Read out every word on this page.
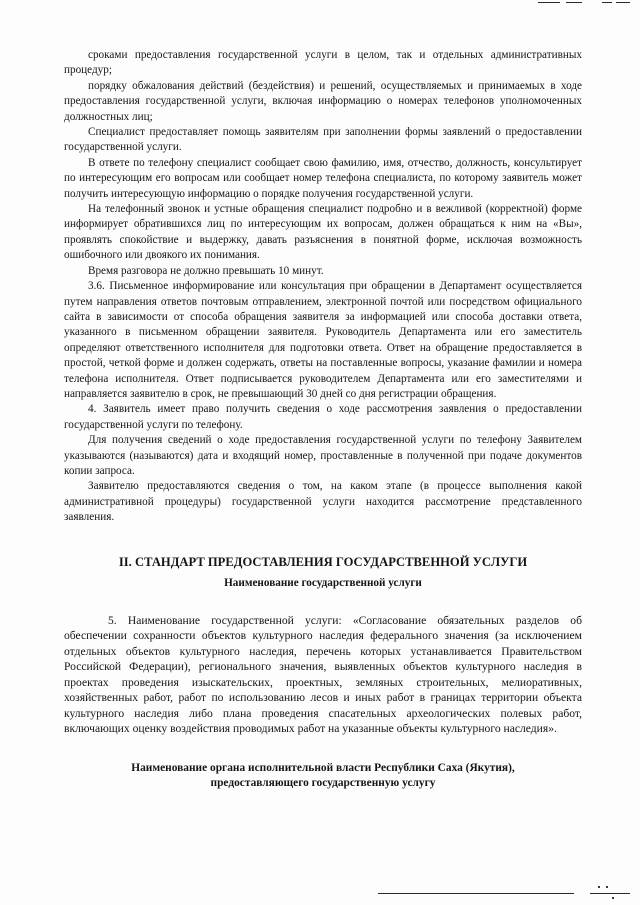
сроками предоставления государственной услуги в целом, так и отдельных административных процедур;

порядку обжалования действий (бездействия) и решений, осуществляемых и принимаемых в ходе предоставления государственной услуги, включая информацию о номерах телефонов уполномоченных должностных лиц;

Специалист предоставляет помощь заявителям при заполнении формы заявлений о предоставлении государственной услуги.

В ответе по телефону специалист сообщает свою фамилию, имя, отчество, должность, консультирует по интересующим его вопросам или сообщает номер телефона специалиста, по которому заявитель может получить интересующую информацию о порядке получения государственной услуги.

На телефонный звонок и устные обращения специалист подробно и в вежливой (корректной) форме информирует обратившихся лиц по интересующим их вопросам, должен обращаться к ним на «Вы», проявлять спокойствие и выдержку, давать разъяснения в понятной форме, исключая возможность ошибочного или двоякого их понимания.

Время разговора не должно превышать 10 минут.

3.6. Письменное информирование или консультация при обращении в Департамент осуществляется путем направления ответов почтовым отправлением, электронной почтой или посредством официального сайта в зависимости от способа обращения заявителя за информацией или способа доставки ответа, указанного в письменном обращении заявителя. Руководитель Департамента или его заместитель определяют ответственного исполнителя для подготовки ответа. Ответ на обращение предоставляется в простой, четкой форме и должен содержать, ответы на поставленные вопросы, указание фамилии и номера телефона исполнителя. Ответ подписывается руководителем Департамента или его заместителями и направляется заявителю в срок, не превышающий 30 дней со дня регистрации обращения.

4. Заявитель имеет право получить сведения о ходе рассмотрения заявления о предоставлении государственной услуги по телефону.

Для получения сведений о ходе предоставления государственной услуги по телефону Заявителем указываются (называются) дата и входящий номер, проставленные в полученной при подаче документов копии запроса.

Заявителю предоставляются сведения о том, на каком этапе (в процессе выполнения какой административной процедуры) государственной услуги находится рассмотрение представленного заявления.

II. СТАНДАРТ ПРЕДОСТАВЛЕНИЯ ГОСУДАРСТВЕННОЙ УСЛУГИ
Наименование государственной услуги

5. Наименование государственной услуги: «Согласование обязательных разделов об обеспечении сохранности объектов культурного наследия федерального значения (за исключением отдельных объектов культурного наследия, перечень которых устанавливается Правительством Российской Федерации), регионального значения, выявленных объектов культурного наследия в проектах проведения изыскательских, проектных, земляных строительных, мелиоративных, хозяйственных работ, работ по использованию лесов и иных работ в границах территории объекта культурного наследия либо плана проведения спасательных археологических полевых работ, включающих оценку воздействия проводимых работ на указанные объекты культурного наследия».

Наименование органа исполнительной власти Республики Саха (Якутия),
предоставляющего государственную услугу
